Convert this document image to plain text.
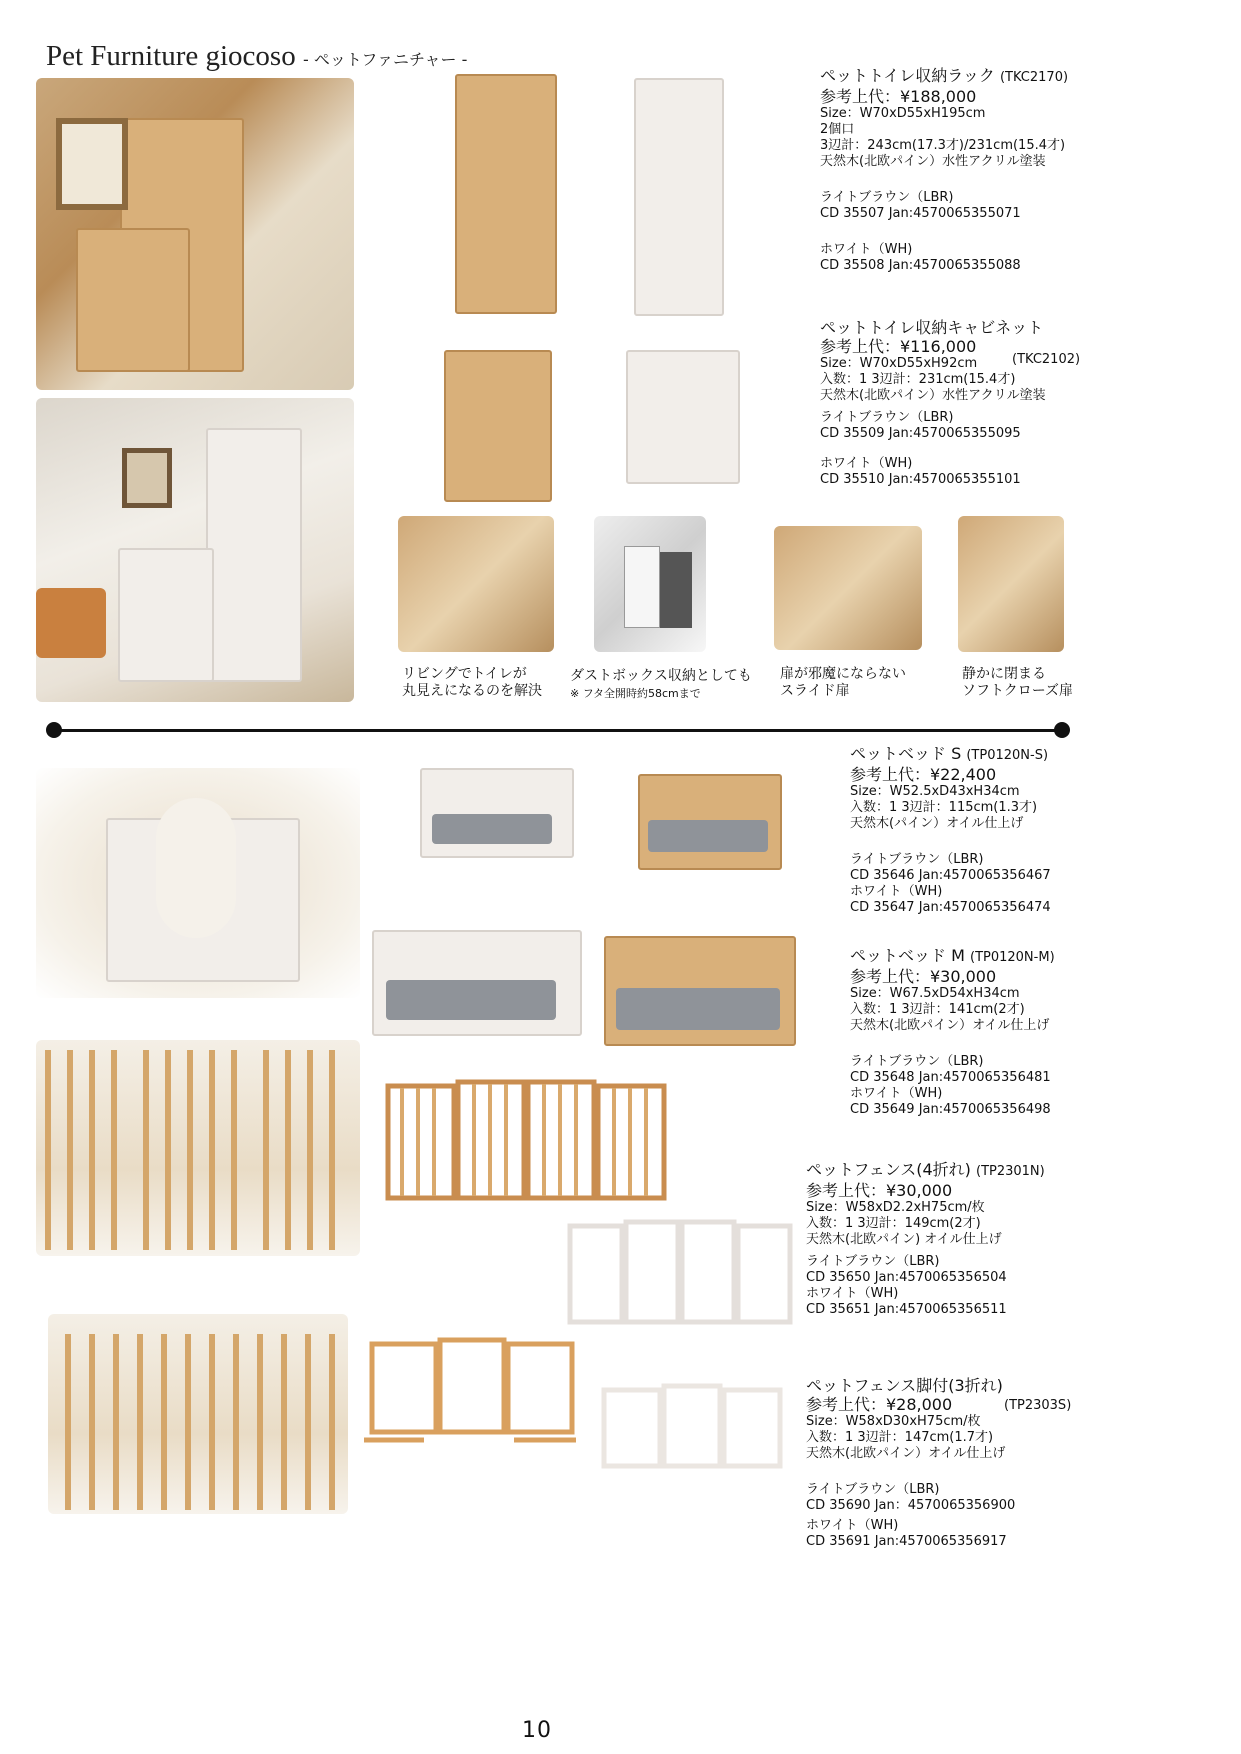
Pet Furniture giocoso - ペットファニチャー -
リビングでトイレが
丸見えになるのを解決
ダストボックス収納としても
※ フタ全開時約58cmまで
扉が邪魔にならない
スライド扉
静かに閉まる
ソフトクローズ扉
ペットトイレ収納ラック (TKC2170)
参考上代：¥188,000
Size：W70xD55xH195cm
2個口
3辺計：243cm(17.3才)/231cm(15.4才)
天然木(北欧パイン）水性アクリル塗装
ライトブラウン（LBR)
CD 35507 Jan:4570065355071
ホワイト（WH)
CD 35508 Jan:4570065355088
ペットトイレ収納キャビネット
参考上代：¥116,000
Size：W70xD55xH92cm
入数：1 3辺計：231cm(15.4才)
天然木(北欧パイン）水性アクリル塗装
ライトブラウン（LBR)
CD 35509 Jan:4570065355095
ホワイト（WH)
CD 35510 Jan:4570065355101
(TKC2102)
ペットベッド S (TP0120N-S)
参考上代：¥22,400
Size：W52.5xD43xH34cm
入数：1 3辺計：115cm(1.3才)
天然木(パイン）オイル仕上げ
ライトブラウン（LBR)
CD 35646 Jan:4570065356467
ホワイト（WH)
CD 35647 Jan:4570065356474
ペットベッド M (TP0120N-M)
参考上代：¥30,000
Size：W67.5xD54xH34cm
入数：1 3辺計：141cm(2才)
天然木(北欧パイン）オイル仕上げ
ライトブラウン（LBR)
CD 35648 Jan:4570065356481
ホワイト（WH)
CD 35649 Jan:4570065356498
ペットフェンス(4折れ) (TP2301N)
参考上代：¥30,000
Size：W58xD2.2xH75cm/枚
入数：1 3辺計：149cm(2才)
天然木(北欧パイン) オイル仕上げ
ライトブラウン（LBR)
CD 35650 Jan:4570065356504
ホワイト（WH)
CD 35651 Jan:4570065356511
ペットフェンス脚付(3折れ)
参考上代：¥28,000
Size：W58xD30xH75cm/枚
入数：1 3辺計：147cm(1.7才)
天然木(北欧パイン）オイル仕上げ
ライトブラウン（LBR)
CD 35690 Jan：4570065356900
ホワイト（WH)
CD 35691 Jan:4570065356917
(TP2303S)
10
